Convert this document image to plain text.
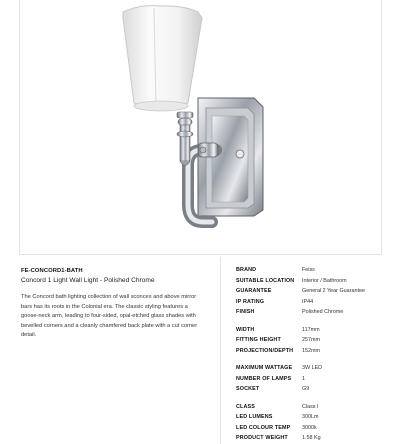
FE-CONCORD1-BATH
Concord 1 Light Wall Light - Polished Chrome

The Concord bath lighting collection of wall sconces and above mirror bars has its roots in the Colonial era. The classic styling features a goose-neck arm, leading to four-sided, opal-etched glass shades with bevelled corners and a cleanly chamfered back plate with a cut corner detail.

BRAND	Feiss
SUITABLE LOCATION	Interior / Bathroom
GUARANTEE	General 2 Year Guarantee
IP RATING	IP44
FINISH	Polished Chrome

WIDTH	117mm
FITTING HEIGHT	257mm
PROJECTION/DEPTH	152mm

MAXIMUM WATTAGE	3W LED
NUMBER OF LAMPS	1
SOCKET	G9

CLASS	Class I
LED LUMENS	300Lm
LED COLOUR TEMP	3000k
PRODUCT WEIGHT	1.58 Kg
